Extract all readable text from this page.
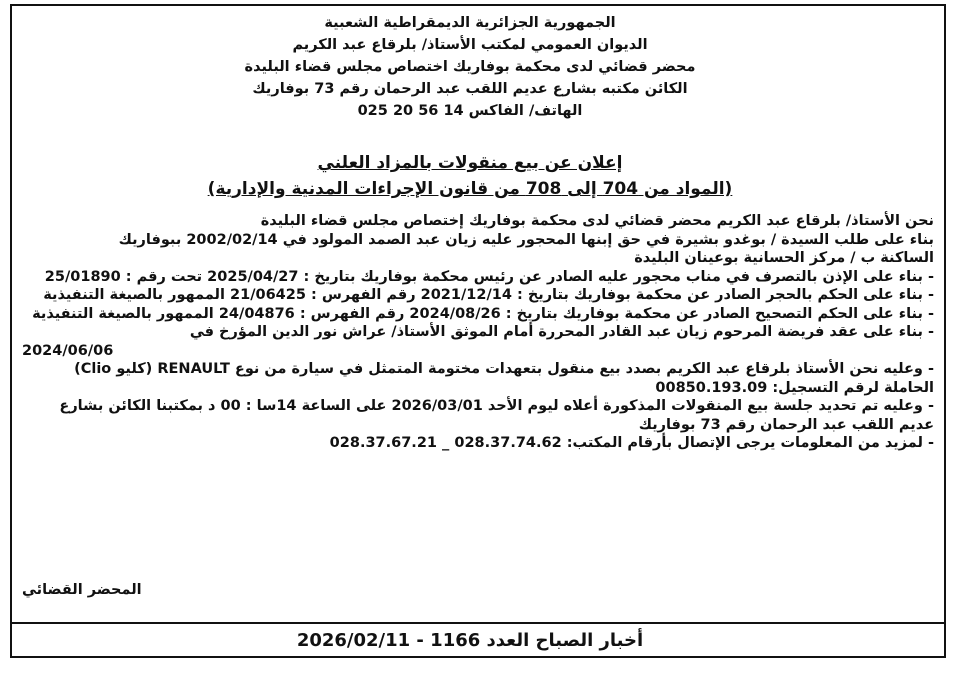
الجمهورية الجزائرية الديمقراطية الشعبية
الديوان العمومي لمكتب الأستاذ/ بلرقاع عبد الكريم
محضر قضائي لدى محكمة بوفاريك اختصاص مجلس قضاء البليدة
الكائن مكتبه بشارع عديم اللقب عبد الرحمان رقم 73 بوفاريك
الهاتف/ الفاكس 14 56 20 025
إعلان عن بيع منقولات بالمزاد العلني
(المواد من 704 إلى 708 من قانون الإجراءات المدنية والإدارية)

نحن الأستاذ/ بلرقاع عبد الكريم محضر قضائي لدى محكمة بوفاريك إختصاص مجلس قضاء البليدة

بناء على طلب السيدة / بوغدو بشيرة في حق إبنها المحجور عليه زيان عبد الصمد المولود في 2002/02/14 ببوفاريك

الساكنة ب / مركز الحسانية بوعينان البليدة

- بناء على الإذن بالتصرف في مناب محجور عليه الصادر عن رئيس محكمة بوفاريك بتاريخ : 2025/04/27 تحت رقم : 25/01890

- بناء على الحكم بالحجر الصادر عن محكمة بوفاريك بتاريخ : 2021/12/14 رقم الفهرس : 21/06425 الممهور بالصيغة التنفيذية

- بناء على الحكم التصحيح الصادر عن محكمة بوفاريك بتاريخ : 2024/08/26 رقم الفهرس : 24/04876 الممهور بالصيغة التنفيذية

- بناء على عقد فريضة المرحوم زيان عبد القادر المحررة أمام الموثق الأستاذ/ عراش نور الدين المؤرخ في

2024/06/06

- وعليه نحن الأستاذ بلرقاع عبد الكريم بصدد بيع منقول بتعهدات مختومة المتمثل في سيارة من نوع RENAULT (كليو Clio) الحاملة لرقم التسجيل: 00850.193.09

- وعليه تم تحديد جلسة بيع المنقولات المذكورة أعلاه ليوم الأحد 2026/03/01 على الساعة 14سا : 00 د بمكتبنا الكائن بشارع عديم اللقب عبد الرحمان رقم 73 بوفاريك

- لمزيد من المعلومات يرجى الإتصال بأرقام المكتب: 028.37.74.62 _ 028.37.67.21

المحضر القضائي
أخبار الصباح العدد 1166 - 2026/02/11
